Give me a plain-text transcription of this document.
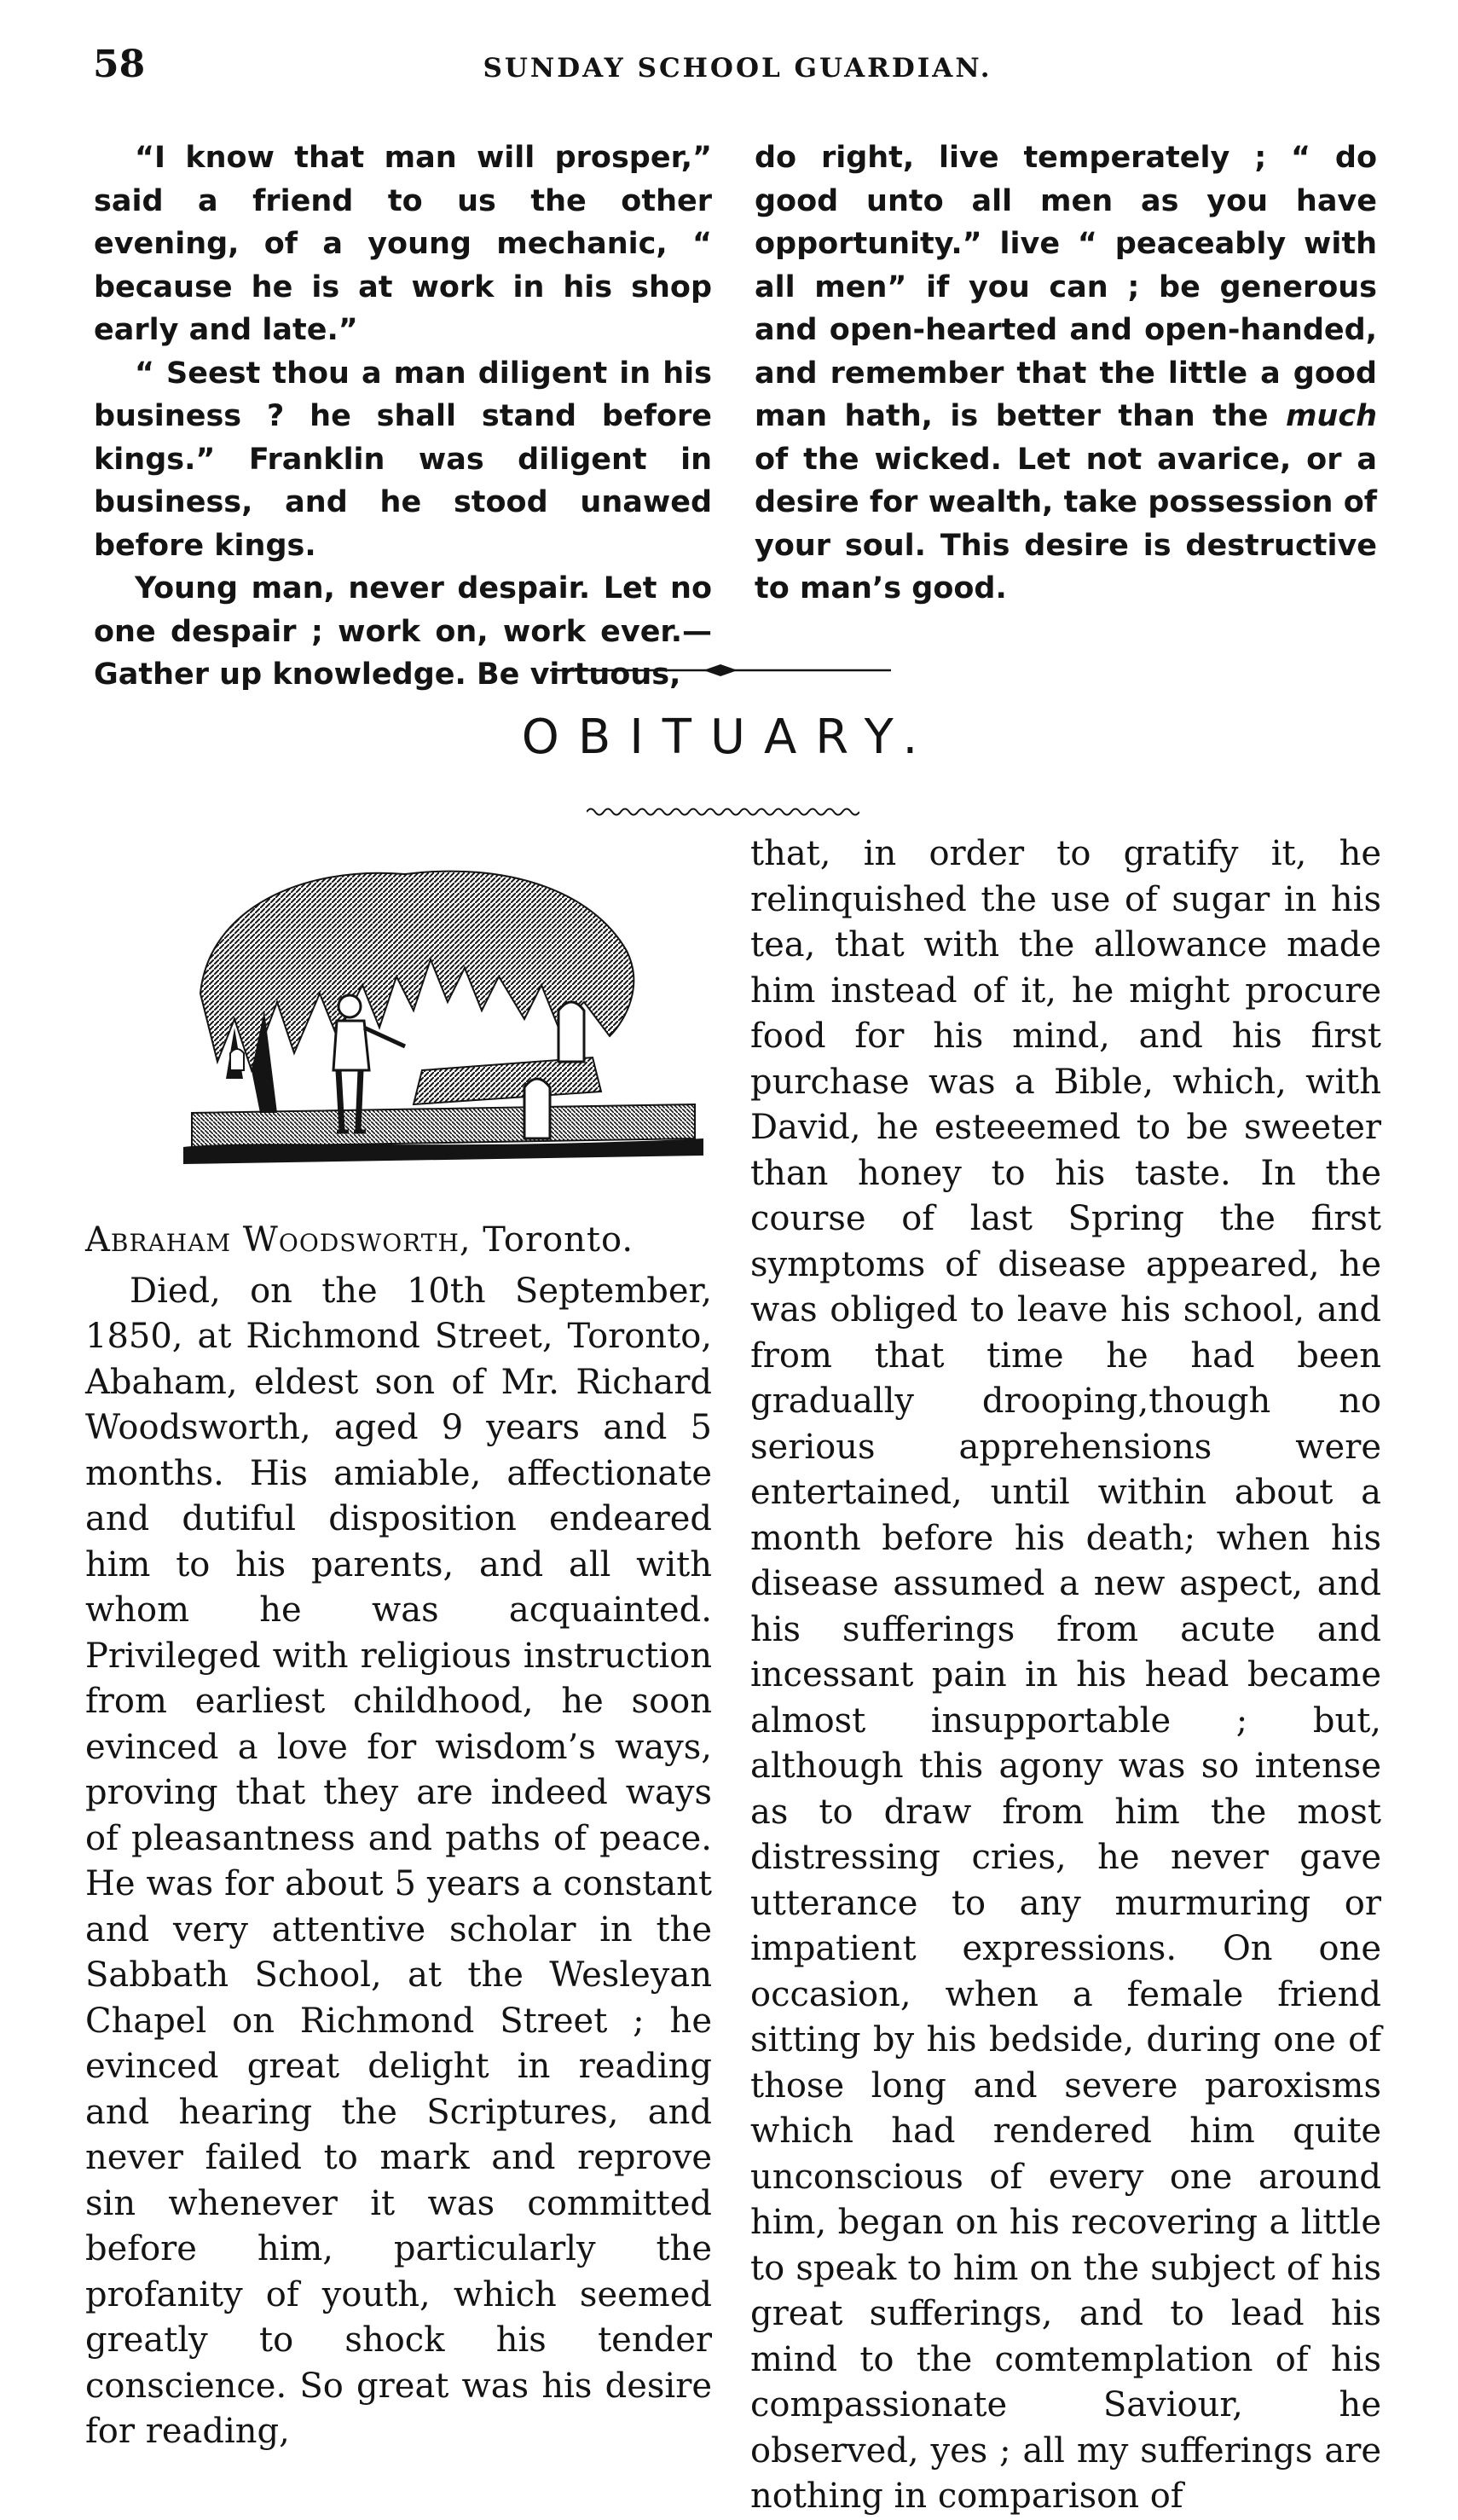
58	SUNDAY SCHOOL GUARDIAN.

“I know that man will prosper,” said a friend to us the other evening, of a young mechanic, “ because he is at work in his shop early and late.”

“ Seest thou a man diligent in his business ? he shall stand before kings.” Franklin was diligent in business, and he stood unawed before kings.

Young man, never despair. Let no one despair ; work on, work ever.— Gather up knowledge. Be virtuous,

do right, live temperately ; “ do good unto all men as you have opportunity.” live “ peaceably with all men” if you can ; be generous and open-hearted and open-handed, and remember that the little a good man hath, is better than the much of the wicked. Let not avarice, or a desire for wealth, take possession of your soul. This desire is destructive to man’s good.

OBITUARY.

Abraham Woodsworth, Toronto.

Died, on the 10th September, 1850, at Richmond Street, Toronto, Abaham, eldest son of Mr. Richard Woodsworth, aged 9 years and 5 months. His amiable, affectionate and dutiful disposition endeared him to his parents, and all with whom he was acquainted. Privileged with religious instruction from earliest childhood, he soon evinced a love for wisdom’s ways, proving that they are indeed ways of pleasantness and paths of peace. He was for about 5 years a constant and very attentive scholar in the Sabbath School, at the Wesleyan Chapel on Richmond Street ; he evinced great delight in reading and hearing the Scriptures, and never failed to mark and reprove sin whenever it was committed before him, particularly the profanity of youth, which seemed greatly to shock his tender conscience. So great was his desire for reading,

that, in order to gratify it, he relinquished the use of sugar in his tea, that with the allowance made him instead of it, he might procure food for his mind, and his first purchase was a Bible, which, with David, he esteeemed to be sweeter than honey to his taste. In the course of last Spring the first symptoms of disease appeared, he was obliged to leave his school, and from that time he had been gradually drooping,though no serious apprehensions were entertained, until within about a month before his death; when his disease assumed a new aspect, and his sufferings from acute and incessant pain in his head became almost insupportable ; but, although this agony was so intense as to draw from him the most distressing cries, he never gave utterance to any murmuring or impatient expressions. On one occasion, when a female friend sitting by his bedside, during one of those long and severe paroxisms which had rendered him quite unconscious of every one around him, began on his recovering a little to speak to him on the subject of his great sufferings, and to lead his mind to the comtemplation of his compassionate Saviour, he observed, yes ; all my sufferings are nothing in comparison of
